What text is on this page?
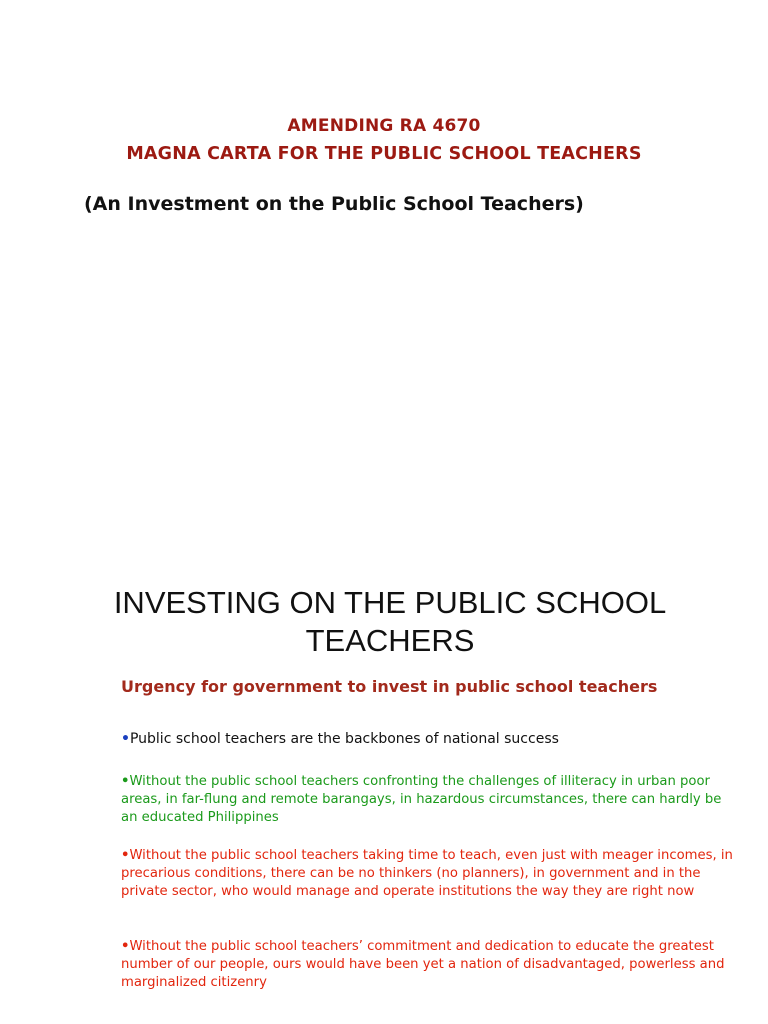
AMENDING RA 4670
MAGNA CARTA FOR THE PUBLIC SCHOOL TEACHERS
(An Investment on the Public School Teachers)
INVESTING ON THE PUBLIC SCHOOL
TEACHERS
Urgency for government to invest in public school teachers
•Public school teachers are the backbones of national success
•Without the public school teachers confronting the challenges of illiteracy in urban poor areas, in far-flung and remote barangays, in hazardous circumstances, there can hardly be an educated Philippines
•Without the public school teachers taking time to teach, even just with meager incomes, in precarious conditions, there can be no thinkers (no planners), in government and in the private sector, who would manage and operate institutions the way they are right now
•Without the public school teachers’ commitment and dedication to educate the greatest number of our people, ours would have been yet a nation of disadvantaged, powerless and marginalized citizenry
